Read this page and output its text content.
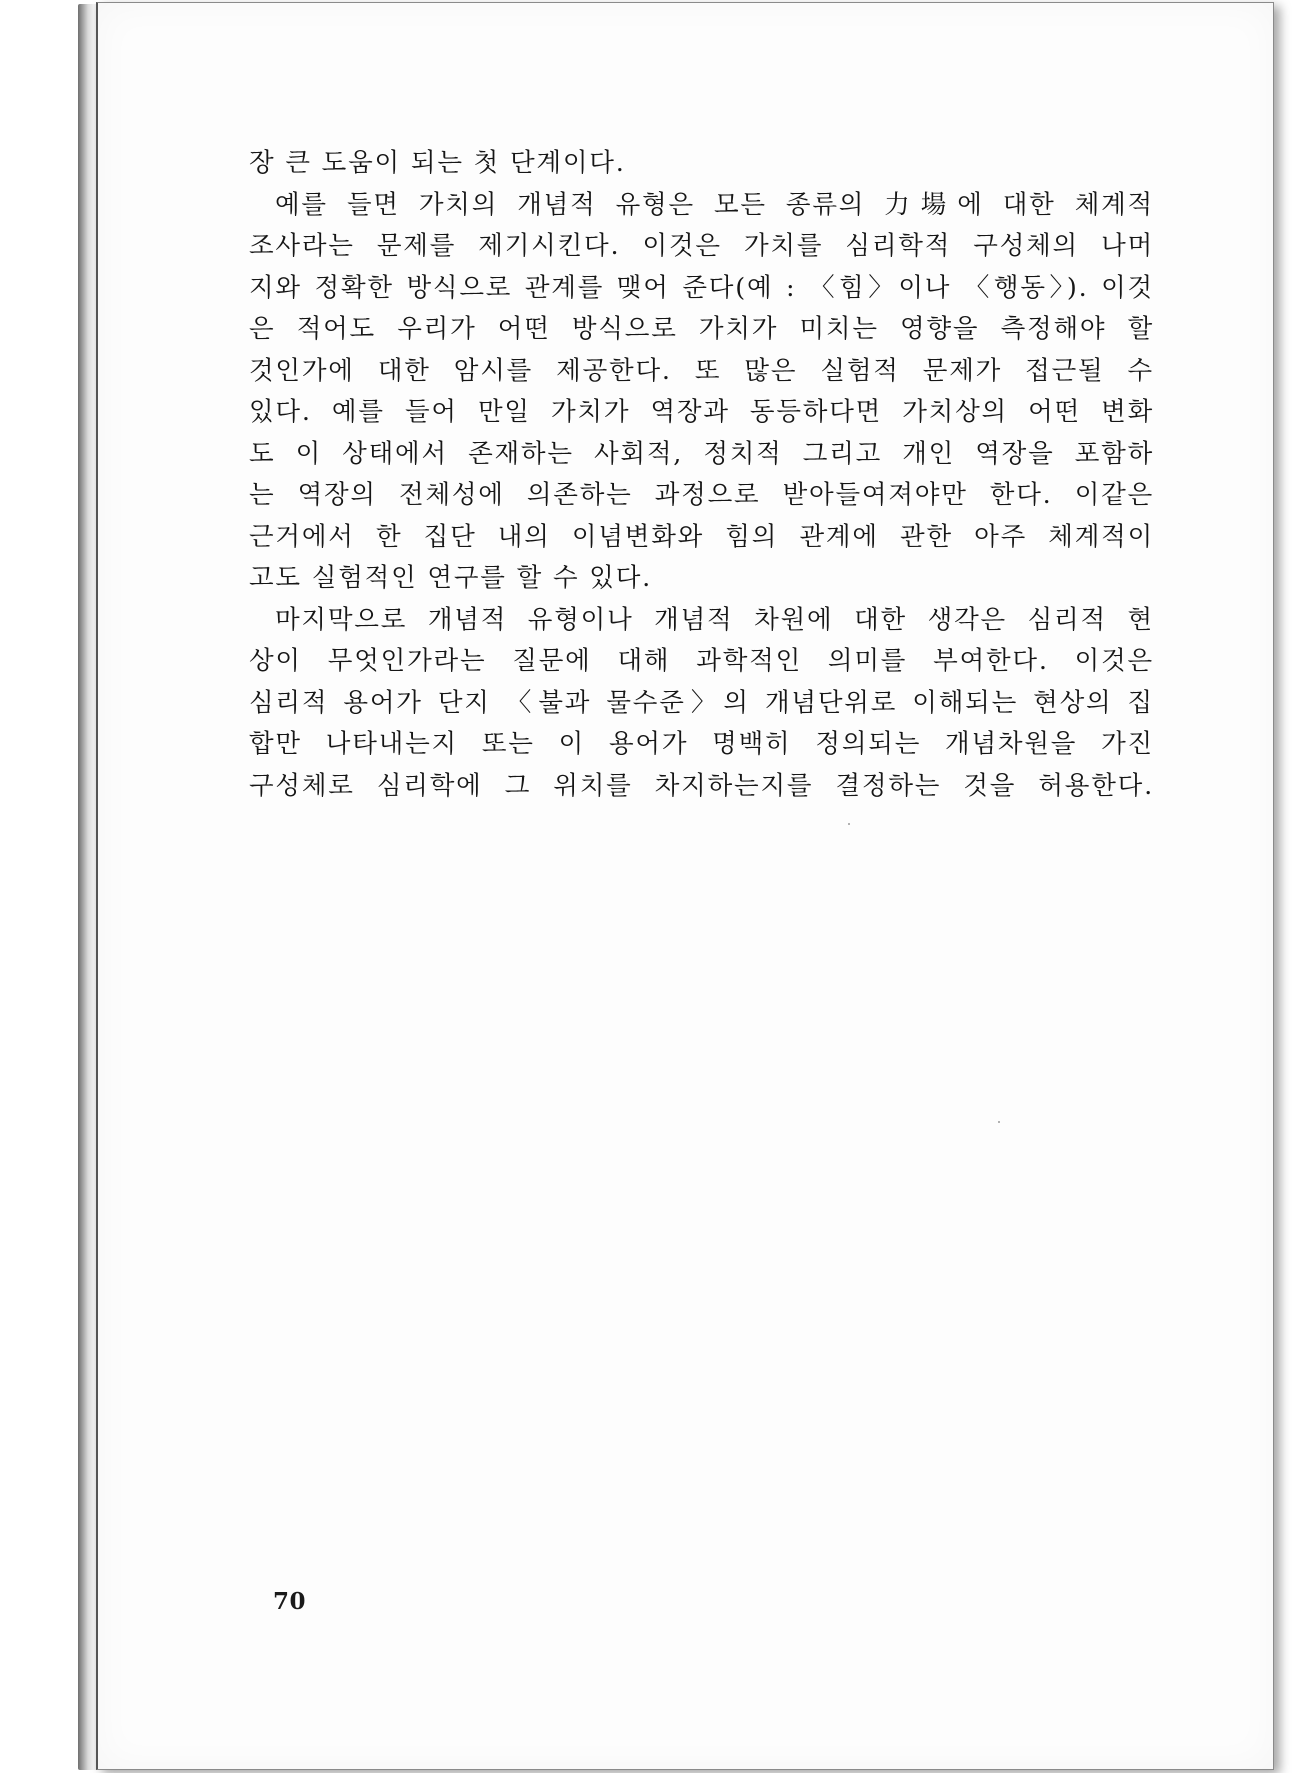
장 큰 도움이 되는 첫 단계이다.
예를 들면 가치의 개념적 유형은 모든 종류의 力場에 대한 체계적
조사라는 문제를 제기시킨다. 이것은 가치를 심리학적 구성체의 나머
지와 정확한 방식으로 관계를 맺어 준다(예 : 〈힘〉이나 〈행동〉). 이것
은 적어도 우리가 어떤 방식으로 가치가 미치는 영향을 측정해야 할
것인가에 대한 암시를 제공한다. 또 많은 실험적 문제가 접근될 수
있다. 예를 들어 만일 가치가 역장과 동등하다면 가치상의 어떤 변화
도 이 상태에서 존재하는 사회적, 정치적 그리고 개인 역장을 포함하
는 역장의 전체성에 의존하는 과정으로 받아들여져야만 한다. 이같은
근거에서 한 집단 내의 이념변화와 힘의 관계에 관한 아주 체계적이
고도 실험적인 연구를 할 수 있다.
마지막으로 개념적 유형이나 개념적 차원에 대한 생각은 심리적 현
상이 무엇인가라는 질문에 대해 과학적인 의미를 부여한다. 이것은
심리적 용어가 단지 〈불과 물수준〉의 개념단위로 이해되는 현상의 집
합만 나타내는지 또는 이 용어가 명백히 정의되는 개념차원을 가진
구성체로 심리학에 그 위치를 차지하는지를 결정하는 것을 허용한다.
70
